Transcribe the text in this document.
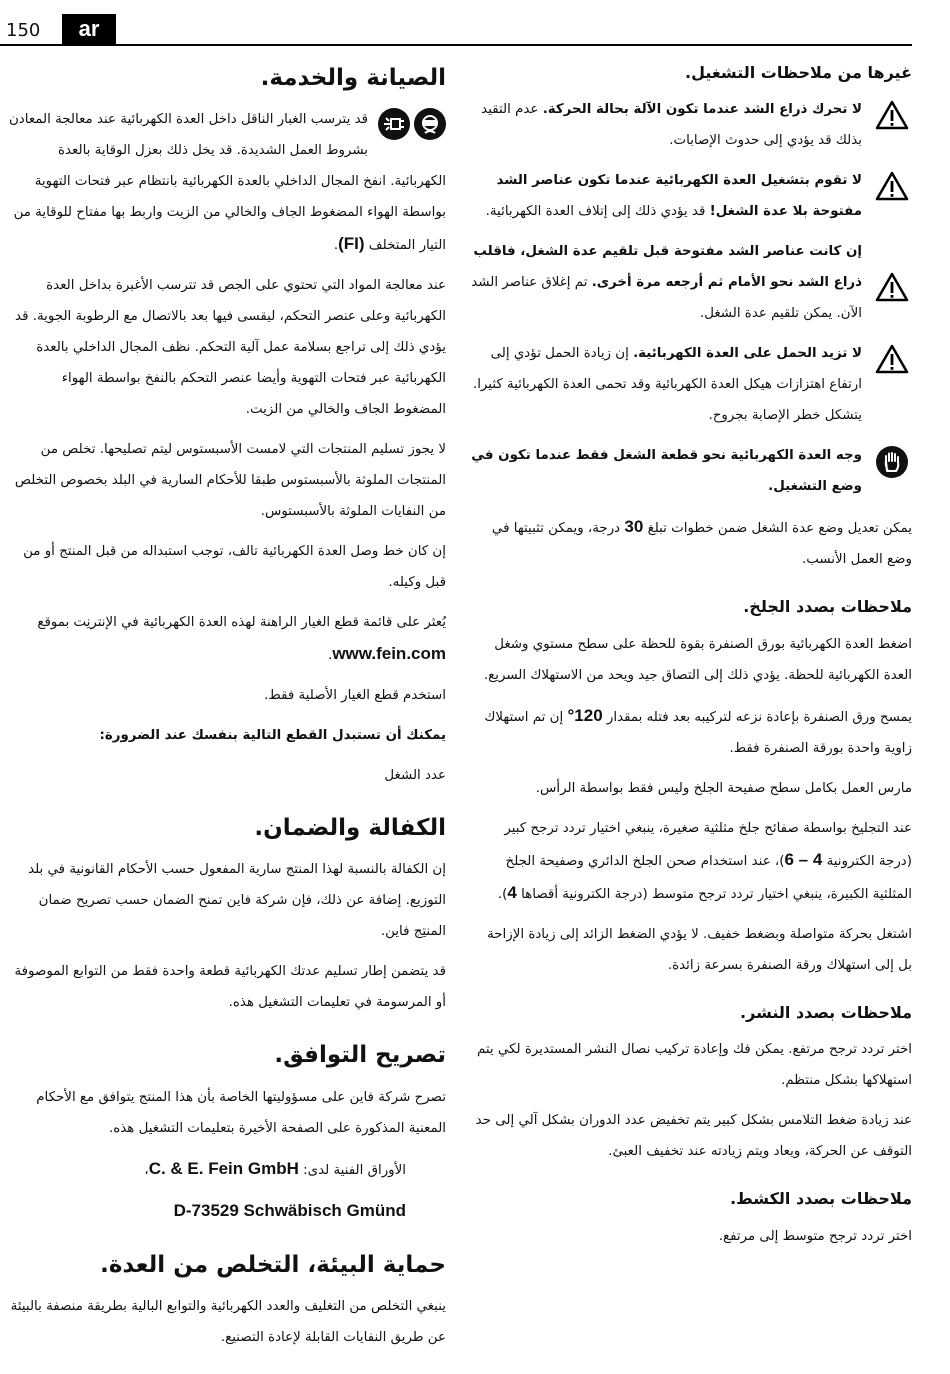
150	ar
غيرها من ملاحظات التشغيل.

لا تحرك ذراع الشد عندما تكون الآلة بحالة الحركة. عدم التقيد بذلك قد يؤدي إلى حدوث الإصابات.

لا تقوم بتشغيل العدة الكهربائية عندما تكون عناصر الشد مفتوحة بلا عدة الشغل! قد يؤدي ذلك إلى إتلاف العدة الكهربائية.

إن كانت عناصر الشد مفتوحة قبل تلقيم عدة الشغل، فاقلب ذراع الشد نحو الأمام ثم أرجعه مرة أخرى. تم إغلاق عناصر الشد الآن. يمكن تلقيم عدة الشغل.

لا تزيد الحمل على العدة الكهربائية. إن زيادة الحمل تؤدي إلى ارتفاع اهتزازات هيكل العدة الكهربائية وقد تحمى العدة الكهربائية كثيرا. يتشكل خطر الإصابة بجروح.

وجه العدة الكهربائية نحو قطعة الشغل فقط عندما تكون في وضع التشغيل.

يمكن تعديل وضع عدة الشغل ضمن خطوات تبلغ 30 درجة، ويمكن تثبيتها في وضع العمل الأنسب.

ملاحظات بصدد الجلخ.

اضغط العدة الكهربائية بورق الصنفرة بقوة للحظة على سطح مستوي وشغل العدة الكهربائية للحظة. يؤدي ذلك إلى التصاق جيد ويحد من الاستهلاك السريع.

يمسح ورق الصنفرة بإعادة نزعه لتركيبه بعد فتله بمقدار 120° إن تم استهلاك زاوية واحدة بورقة الصنفرة فقط.

مارس العمل بكامل سطح صفيحة الجلخ وليس فقط بواسطة الرأس.

عند التجليخ بواسطة صفائح جلخ مثلثية صغيرة، ينبغي اختيار تردد ترجح كبير (درجة الكترونية 4 – 6)، عند استخدام صحن الجلخ الدائري وصفيحة الجلخ المثلثية الكبيرة، ينبغي اختيار تردد ترجح متوسط (درجة الكترونية أقصاها 4).

اشتغل بحركة متواصلة وبضغط خفيف. لا يؤدي الضغط الزائد إلى زيادة الإزاحة بل إلى استهلاك ورقة الصنفرة بسرعة زائدة.

ملاحظات بصدد النشر.

اختر تردد ترجح مرتفع. يمكن فك وإعادة تركيب نصال النشر المستديرة لكي يتم استهلاكها بشكل منتظم.

عند زيادة ضغط التلامس بشكل كبير يتم تخفيض عدد الدوران بشكل آلي إلى حد التوقف عن الحركة، ويعاد ويتم زيادته عند تخفيف العبئ.

ملاحظات بصدد الكشط.

اختر تردد ترجح متوسط إلى مرتفع.

الصيانة والخدمة.

قد يترسب الغبار الناقل داخل العدة الكهربائية عند معالجة المعادن بشروط العمل الشديدة. قد يخل ذلك بعزل الوقاية بالعدة الكهربائية. انفخ المجال الداخلي بالعدة الكهربائية بانتظام عبر فتحات التهوية بواسطة الهواء المضغوط الجاف والخالي من الزيت واربط بها مفتاح للوقاية من التيار المتخلف (FI).

عند معالجة المواد التي تحتوي على الجص قد تترسب الأغبرة بداخل العدة الكهربائية وعلى عنصر التحكم، ليقسى فيها بعد بالاتصال مع الرطوبة الجوية. قد يؤدي ذلك إلى تراجع بسلامة عمل آلية التحكم. نظف المجال الداخلي بالعدة الكهربائية عبر فتحات التهوية وأيضا عنصر التحكم بالنفخ بواسطة الهواء المضغوط الجاف والخالي من الزيت.

لا يجوز تسليم المنتجات التي لامست الأسبستوس ليتم تصليحها. تخلص من المنتجات الملوثة بالأسبستوس طبقا للأحكام السارية في البلد بخصوص التخلص من النفايات الملوثة بالأسبستوس.

إن كان خط وصل العدة الكهربائية تالف، توجب استبداله من قبل المنتج أو من قبل وكيله.

يُعثر على قائمة قطع الغيار الراهنة لهذه العدة الكهربائية في الإنترنِت بموقع www.fein.com.

استخدم قطع الغيار الأصلية فقط.

يمكنك أن تستبدل القطع التالية بنفسك عند الضرورة:

عدد الشغل

الكفالة والضمان.

إن الكفالة بالنسبة لهذا المنتج سارية المفعول حسب الأحكام القانونية في بلد التوزيع. إضافة عن ذلك، فإن شركة فاين تمنح الضمان حسب تصريح ضمان المنتِج فاين.

قد يتضمن إطار تسليم عدتك الكهربائية قطعة واحدة فقط من التوابع الموصوفة أو المرسومة في تعليمات التشغيل هذه.

تصريح التوافق.

تصرح شركة فاين على مسؤوليتها الخاصة بأن هذا المنتج يتوافق مع الأحكام المعنية المذكورة على الصفحة الأخيرة بتعليمات التشغيل هذه.

الأوراق الفنية لدى: C. & E. Fein GmbH،

D-73529 Schwäbisch Gmünd

حماية البيئة، التخلص من العدة.

ينبغي التخلص من التغليف والعدد الكهربائية والتوابع البالية بطريقة منصفة بالبيئة عن طريق النفايات القابلة لإعادة التصنيع.
